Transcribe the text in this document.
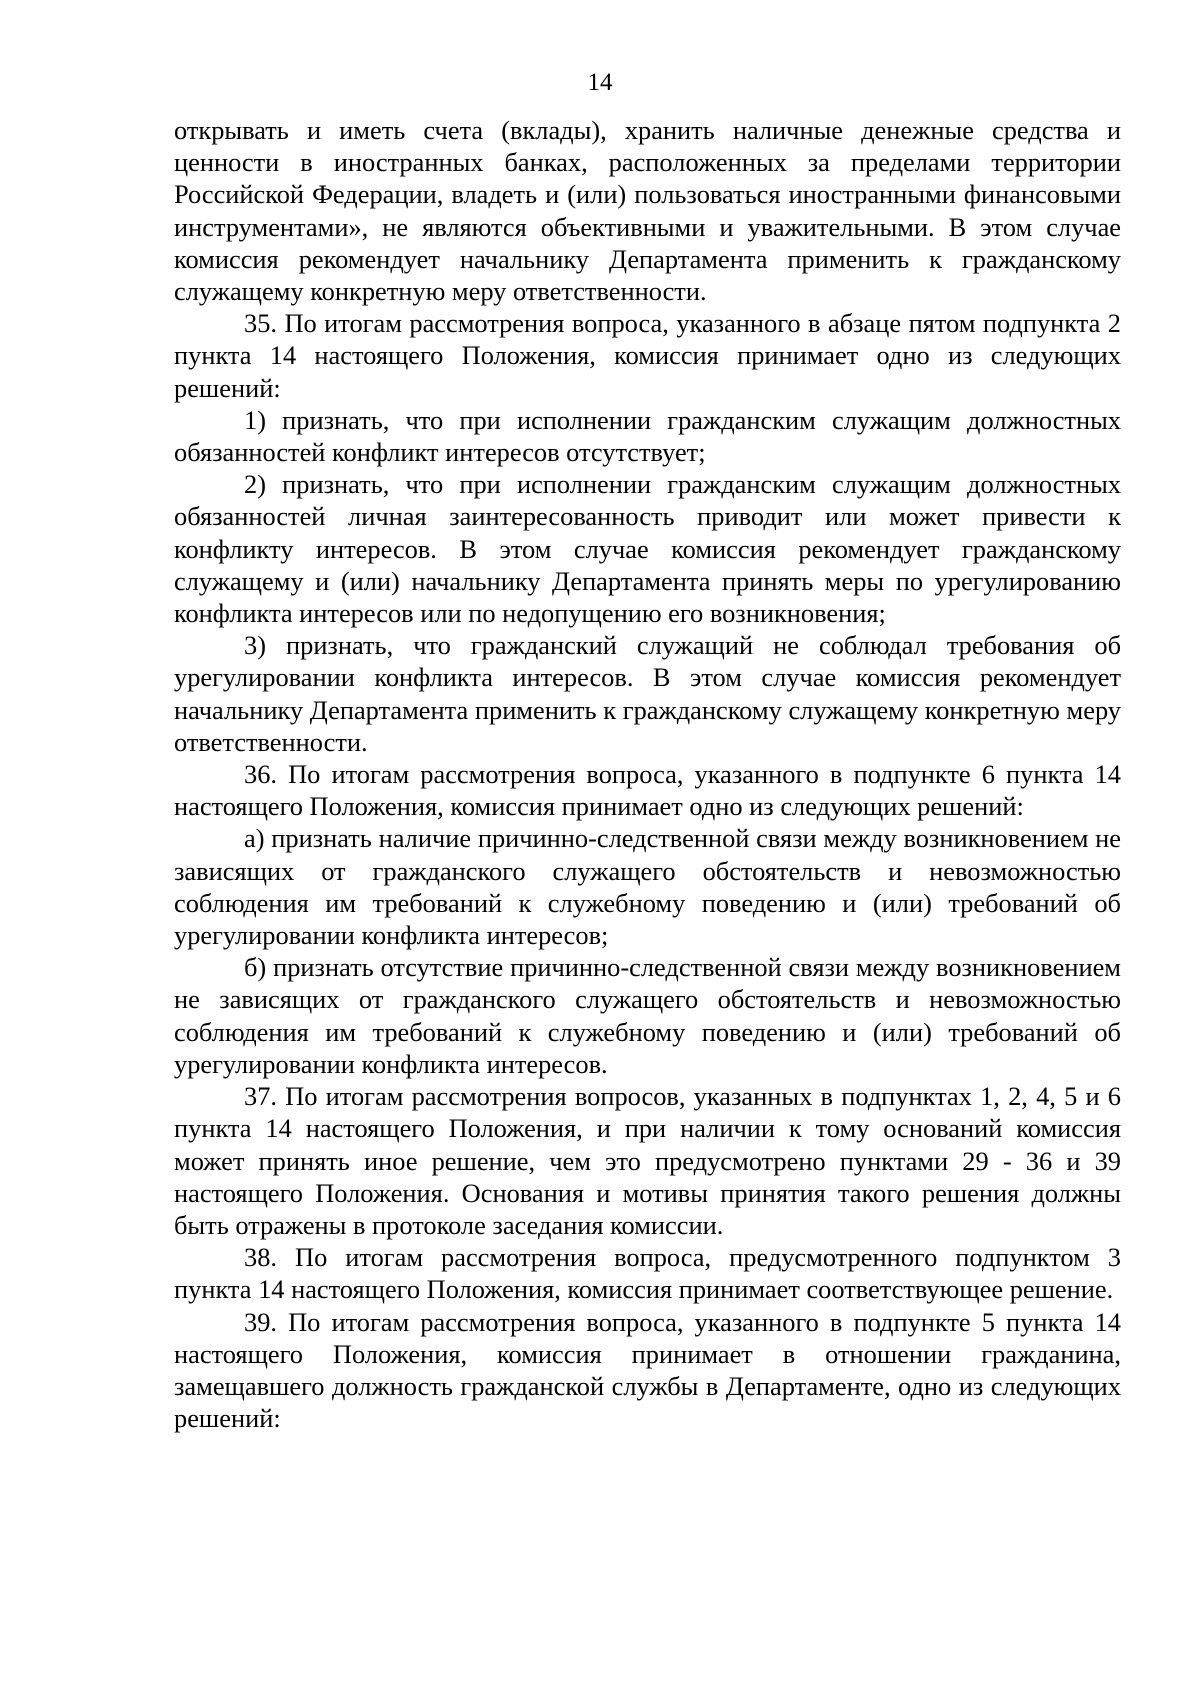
14

открывать и иметь счета (вклады), хранить наличные денежные средства и ценности в иностранных банках, расположенных за пределами территории Российской Федерации, владеть и (или) пользоваться иностранными финансовыми инструментами», не являются объективными и уважительными. В этом случае комиссия рекомендует начальнику Департамента применить к гражданскому служащему конкретную меру ответственности.

35. По итогам рассмотрения вопроса, указанного в абзаце пятом подпункта 2 пункта 14 настоящего Положения, комиссия принимает одно из следующих решений:

1) признать, что при исполнении гражданским служащим должностных обязанностей конфликт интересов отсутствует;

2) признать, что при исполнении гражданским служащим должностных обязанностей личная заинтересованность приводит или может привести к конфликту интересов. В этом случае комиссия рекомендует гражданскому служащему и (или) начальнику Департамента принять меры по урегулированию конфликта интересов или по недопущению его возникновения;

3) признать, что гражданский служащий не соблюдал требования об урегулировании конфликта интересов. В этом случае комиссия рекомендует начальнику Департамента применить к гражданскому служащему конкретную меру ответственности.

36. По итогам рассмотрения вопроса, указанного в подпункте 6 пункта 14 настоящего Положения, комиссия принимает одно из следующих решений:

а) признать наличие причинно-следственной связи между возникновением не зависящих от гражданского служащего обстоятельств и невозможностью соблюдения им требований к служебному поведению и (или) требований об урегулировании конфликта интересов;

б) признать отсутствие причинно-следственной связи между возникновением не зависящих от гражданского служащего обстоятельств и невозможностью соблюдения им требований к служебному поведению и (или) требований об урегулировании конфликта интересов.

37. По итогам рассмотрения вопросов, указанных в подпунктах 1, 2, 4, 5 и 6 пункта 14 настоящего Положения, и при наличии к тому оснований комиссия может принять иное решение, чем это предусмотрено пунктами 29 - 36 и 39 настоящего Положения. Основания и мотивы принятия такого решения должны быть отражены в протоколе заседания комиссии.

38. По итогам рассмотрения вопроса, предусмотренного подпунктом 3 пункта 14 настоящего Положения, комиссия принимает соответствующее решение.

39. По итогам рассмотрения вопроса, указанного в подпункте 5 пункта 14 настоящего Положения, комиссия принимает в отношении гражданина, замещавшего должность гражданской службы в Департаменте, одно из следующих решений:
